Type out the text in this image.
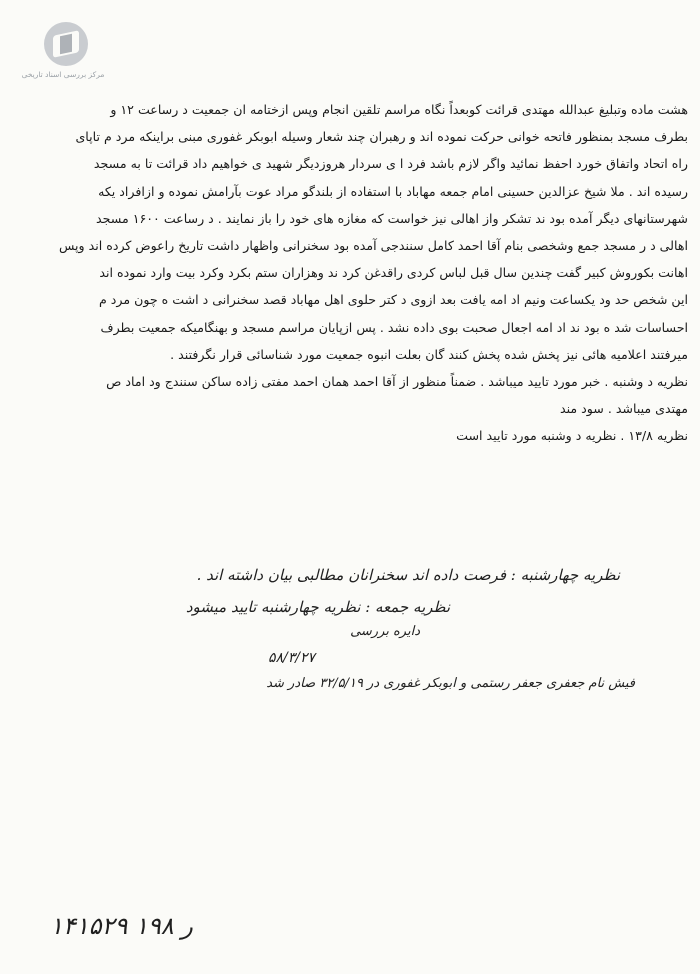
مرکز بررسی اسناد تاریخی

هشت ماده وتبلیغ عبدالله مهتدی قرائت کوبعداً نگاه مراسم تلقین انجام وپس ازختامه ان جمعیت د رساعت ۱۲ و

بطرف مسجد بمنظور فاتحه خوانی حرکت نموده اند و رهبران چند شعار وسیله ابوبکر غفوری مبنی براینکه مرد م تاپای

راه اتحاد واتفاق خورد احفظ نمائید واگر لازم باشد فرد ا ی سردار هروزدیگر شهید ی خواهیم داد قرائت تا به مسجد

رسیده اند . ملا شیخ عزالدین حسینی امام جمعه مهاباد با استفاده از بلندگو مراد عوت بآرامش نموده و ازافراد یکه

شهرستانهای دیگر آمده بود ند تشکر واز اهالی نیز خواست که مغازه های خود را باز نمایند . د رساعت ۱۶۰۰ مسجد

اهالی د ر مسجد جمع وشخصی بنام آقا احمد کامل سنندجی آمده بود سخنرانی واظهار داشت تاریخ راعوض کرده اند وپس

اهانت بکوروش کبیر گفت چندین سال قبل لباس کردی راقدغن کرد ند وهزاران ستم بکرد وکرد بیت وارد نموده اند

این شخص حد ود یکساعت ونیم اد امه یافت بعد ازوی د کتر حلوی اهل مهاباد قصد سخنرانی د اشت ه چون مرد م

احساسات شد ه بود ند اد امه اجعال صحبت بوی داده نشد . پس ازپایان مراسم مسجد و بهنگامیکه جمعیت بطرف

میرفتند اعلامیه هائی نیز پخش شده پخش کنند گان بعلت انبوه جمعیت مورد شناسائی قرار نگرفتند .

نظریه د وشنبه . خبر مورد تایید میباشد . ضمناً منظور از آقا احمد همان احمد مفتی زاده ساکن سنندج ود اماد ص

مهتدی میباشد . سود مند

نظریه ۱۳/۸ . نظریه د وشنبه مورد تایید است

نظریه چهارشنبه : فرصت داده اند سخنرانان مطالبی بیان داشته اند .
نظریه جمعه : نظریه چهارشنبه تایید میشود
دایره بررسی
۵۸/۳/۲۷
فیش نام جعفری جعفر رستمی و ابوبکر غفوری در ۳۲/۵/۱۹ صادر شد
۱۴۱۵۲۹ ر ۱۹۸
